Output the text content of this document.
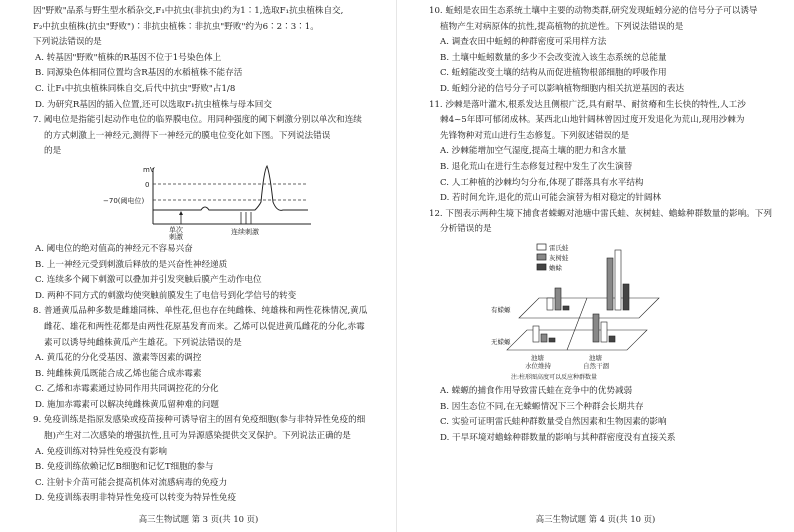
因"野败"品系与野生型水稻杂交,F₁中抗虫(非抗虫)约为1∶1,选取F₁抗虫植株自交,

F₂中抗虫植株(抗虫"野败")∶非抗虫植株∶非抗虫"野败"约为6∶2∶3∶1。

下列说法错误的是

A. 转基因"野败"植株的R基因不位于1号染色体上

B. 同源染色体相同位置均含R基因的水稻植株不能存活

C. 让F₁中抗虫植株同株自交,后代中抗虫"野败"占1/8

D. 为研究R基因的插入位置,还可以选取F₁抗虫植株与母本回交

7. 阈电位是指能引起动作电位的临界膜电位。用同种强度的阈下刺激分别以单次和连续

的方式刺激上一神经元,测得下一神经元的膜电位变化如下图。下列说法错误

的是

mV
0
−70(阈电位)
单次
刺激
连续刺激

A. 阈电位的绝对值高的神经元不容易兴奋

B. 上一神经元受到刺激后释放的是兴奋性神经递质

C. 连续多个阈下刺激可以叠加并引发突触后膜产生动作电位

D. 两种不同方式的刺激均使突触前膜发生了电信号到化学信号的转变

8. 普通黄瓜品种多数是雌雄同株、单性花,但也存在纯雌株、纯雄株和两性花株情况,黄瓜

雌花、雄花和两性花都是由两性花原基发育而来。乙烯可以促进黄瓜雌花的分化,赤霉

素可以诱导纯雌株黄瓜产生雄花。下列说法错误的是

A. 黄瓜花的分化受基因、激素等因素的调控

B. 纯雌株黄瓜既能合成乙烯也能合成赤霉素

C. 乙烯和赤霉素通过协同作用共同调控花的分化

D. 施加赤霉素可以解决纯雌株黄瓜留种难的问题

9. 免疫训练是指原发感染或疫苗接种可诱导宿主的固有免疫细胞(参与非特异性免疫的细

胞)产生对二次感染的增强抗性,且可为异源感染提供交叉保护。下列说法正确的是

A. 免疫训练对特异性免疫没有影响

B. 免疫训练依赖记忆B细胞和记忆T细胞的参与

C. 注射卡介苗可能会提高机体对流感病毒的免疫力

D. 免疫训练表明非特异性免疫可以转变为特异性免疫

高三生物试题 第 3 页(共 10 页)

10. 蚯蚓是农田生态系统土壤中主要的动物类群,研究发现蚯蚓分泌的信号分子可以诱导

植物产生对病原体的抗性,提高植物的抗逆性。下列说法错误的是

A. 调查农田中蚯蚓的种群密度可采用样方法

B. 土壤中蚯蚓数量的多少不会改变流入该生态系统的总能量

C. 蚯蚓能改变土壤的结构从而促进植物根部细胞的呼吸作用

D. 蚯蚓分泌的信号分子可以影响植物细胞内相关抗逆基因的表达

11. 沙棘是落叶灌木,根系发达且侧根广泛,具有耐旱、耐贫瘠和生长快的特性,人工沙

棘4~5年即可郁闭成林。某西北山地针阔林曾因过度开发退化为荒山,现用沙棘为

先锋物种对荒山进行生态修复。下列叙述错误的是

A. 沙棘能增加空气湿度,提高土壤的肥力和含水量

B. 退化荒山在进行生态修复过程中发生了次生演替

C. 人工种植的沙棘均匀分布,体现了群落具有水平结构

D. 若时间允许,退化的荒山可能会演替为相对稳定的针阔林

12. 下图表示两种生境下捕食者蝾螈对池塘中雷氏蛙、灰树蛙、蟾蜍种群数量的影响。下列

分析错误的是

雷氏蛙
灰树蛙
蟾蜍
有蝾螈
无蝾螈
池塘
水位维持
池塘
自然干涸
注:柱形图高度可以反应种群数量

A. 蝾螈的捕食作用导致雷氏蛙在竞争中的优势减弱

B. 因生态位不同,在无蝾螈情况下三个种群会长期共存

C. 实验可证明雷氏蛙种群数量受自然因素和生物因素的影响

D. 干旱环境对蟾蜍种群数量的影响与其种群密度没有直接关系

高三生物试题 第 4 页(共 10 页)
